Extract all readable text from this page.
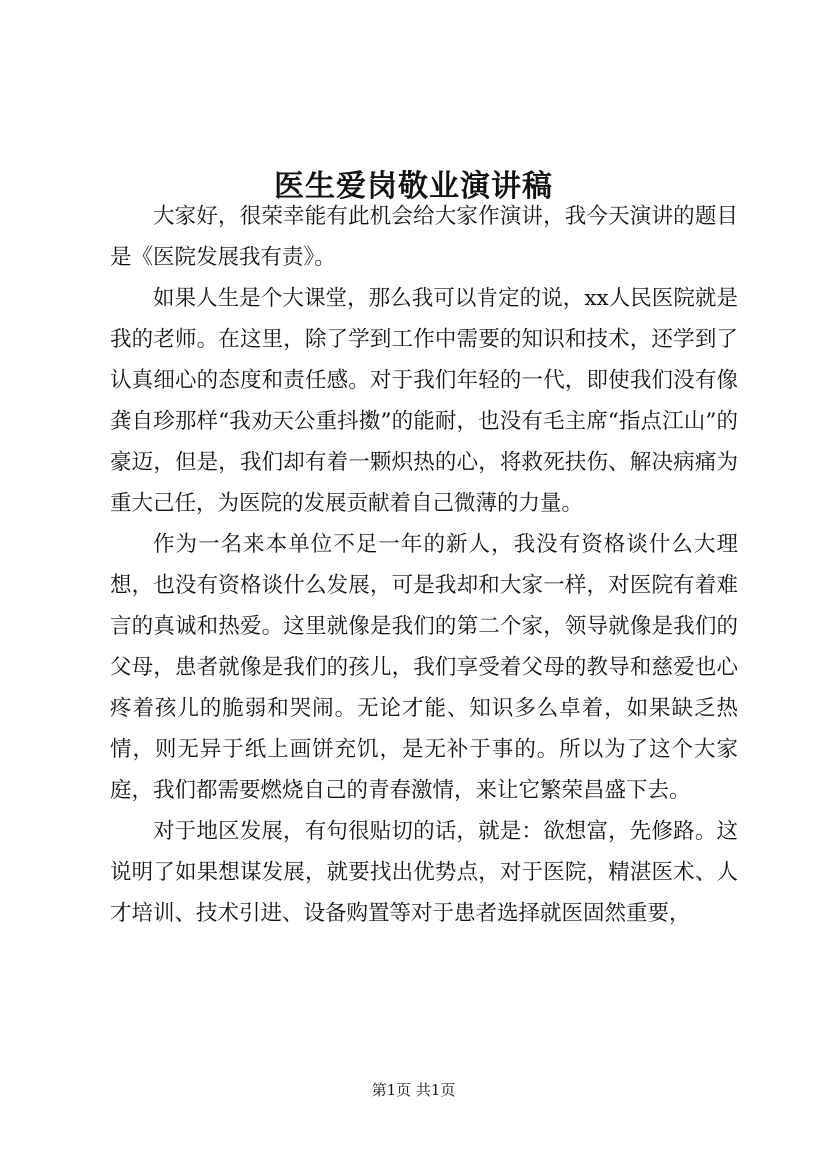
医生爱岗敬业演讲稿

大家好，很荣幸能有此机会给大家作演讲，我今天演讲的题目是《医院发展我有责》。

如果人生是个大课堂，那么我可以肯定的说，xx人民医院就是我的老师。在这里，除了学到工作中需要的知识和技术，还学到了认真细心的态度和责任感。对于我们年轻的一代，即使我们没有像龚自珍那样“我劝天公重抖擞”的能耐，也没有毛主席“指点江山”的豪迈，但是，我们却有着一颗炽热的心，将救死扶伤、解决病痛为重大己任，为医院的发展贡献着自己微薄的力量。

作为一名来本单位不足一年的新人，我没有资格谈什么大理想，也没有资格谈什么发展，可是我却和大家一样，对医院有着难言的真诚和热爱。这里就像是我们的第二个家，领导就像是我们的父母，患者就像是我们的孩儿，我们享受着父母的教导和慈爱也心疼着孩儿的脆弱和哭闹。无论才能、知识多么卓着，如果缺乏热情，则无异于纸上画饼充饥，是无补于事的。所以为了这个大家庭，我们都需要燃烧自己的青春激情，来让它繁荣昌盛下去。

对于地区发展，有句很贴切的话，就是：欲想富，先修路。这说明了如果想谋发展，就要找出优势点，对于医院，精湛医术、人才培训、技术引进、设备购置等对于患者选择就医固然重要，

第1页 共1页
